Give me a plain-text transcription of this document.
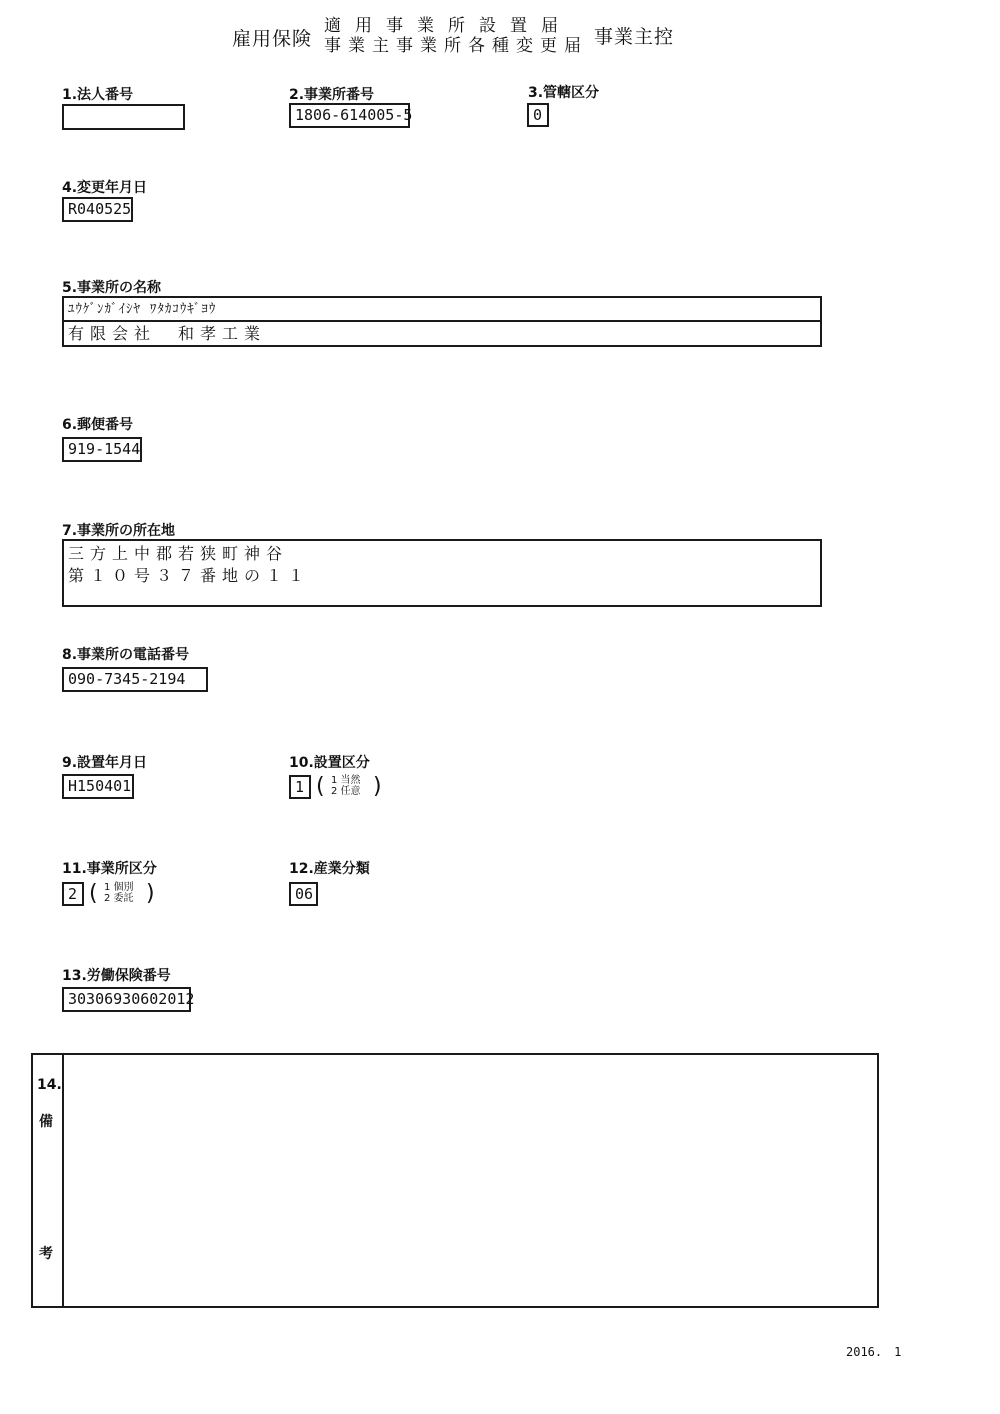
雇用保険
適用事業所設置届
事業主事業所各種変更届 事業主控
1.法人番号	2.事業所番号
1806-614005-5
3.管轄区分
0
4.変更年月日
R040525
5.事業所の名称
ﾕｳｹﾞﾝｶﾞｲｼﾔ ﾜﾀｶｺｳｷﾞﾖｳ
有限会社　和孝工業
6.郵便番号
919-1544
7.事業所の所在地
三方上中郡若狭町神谷
第１０号３７番地の１１
8.事業所の電話番号
090-7345-2194
9.設置年月日
H150401
10.設置区分
1 ( 1 当然
2 任意 )
11.事業所区分
2 ( 1 個別
2 委託 )
12.産業分類
06
13.労働保険番号
30306930602012
14.
備
考
2016.　1
